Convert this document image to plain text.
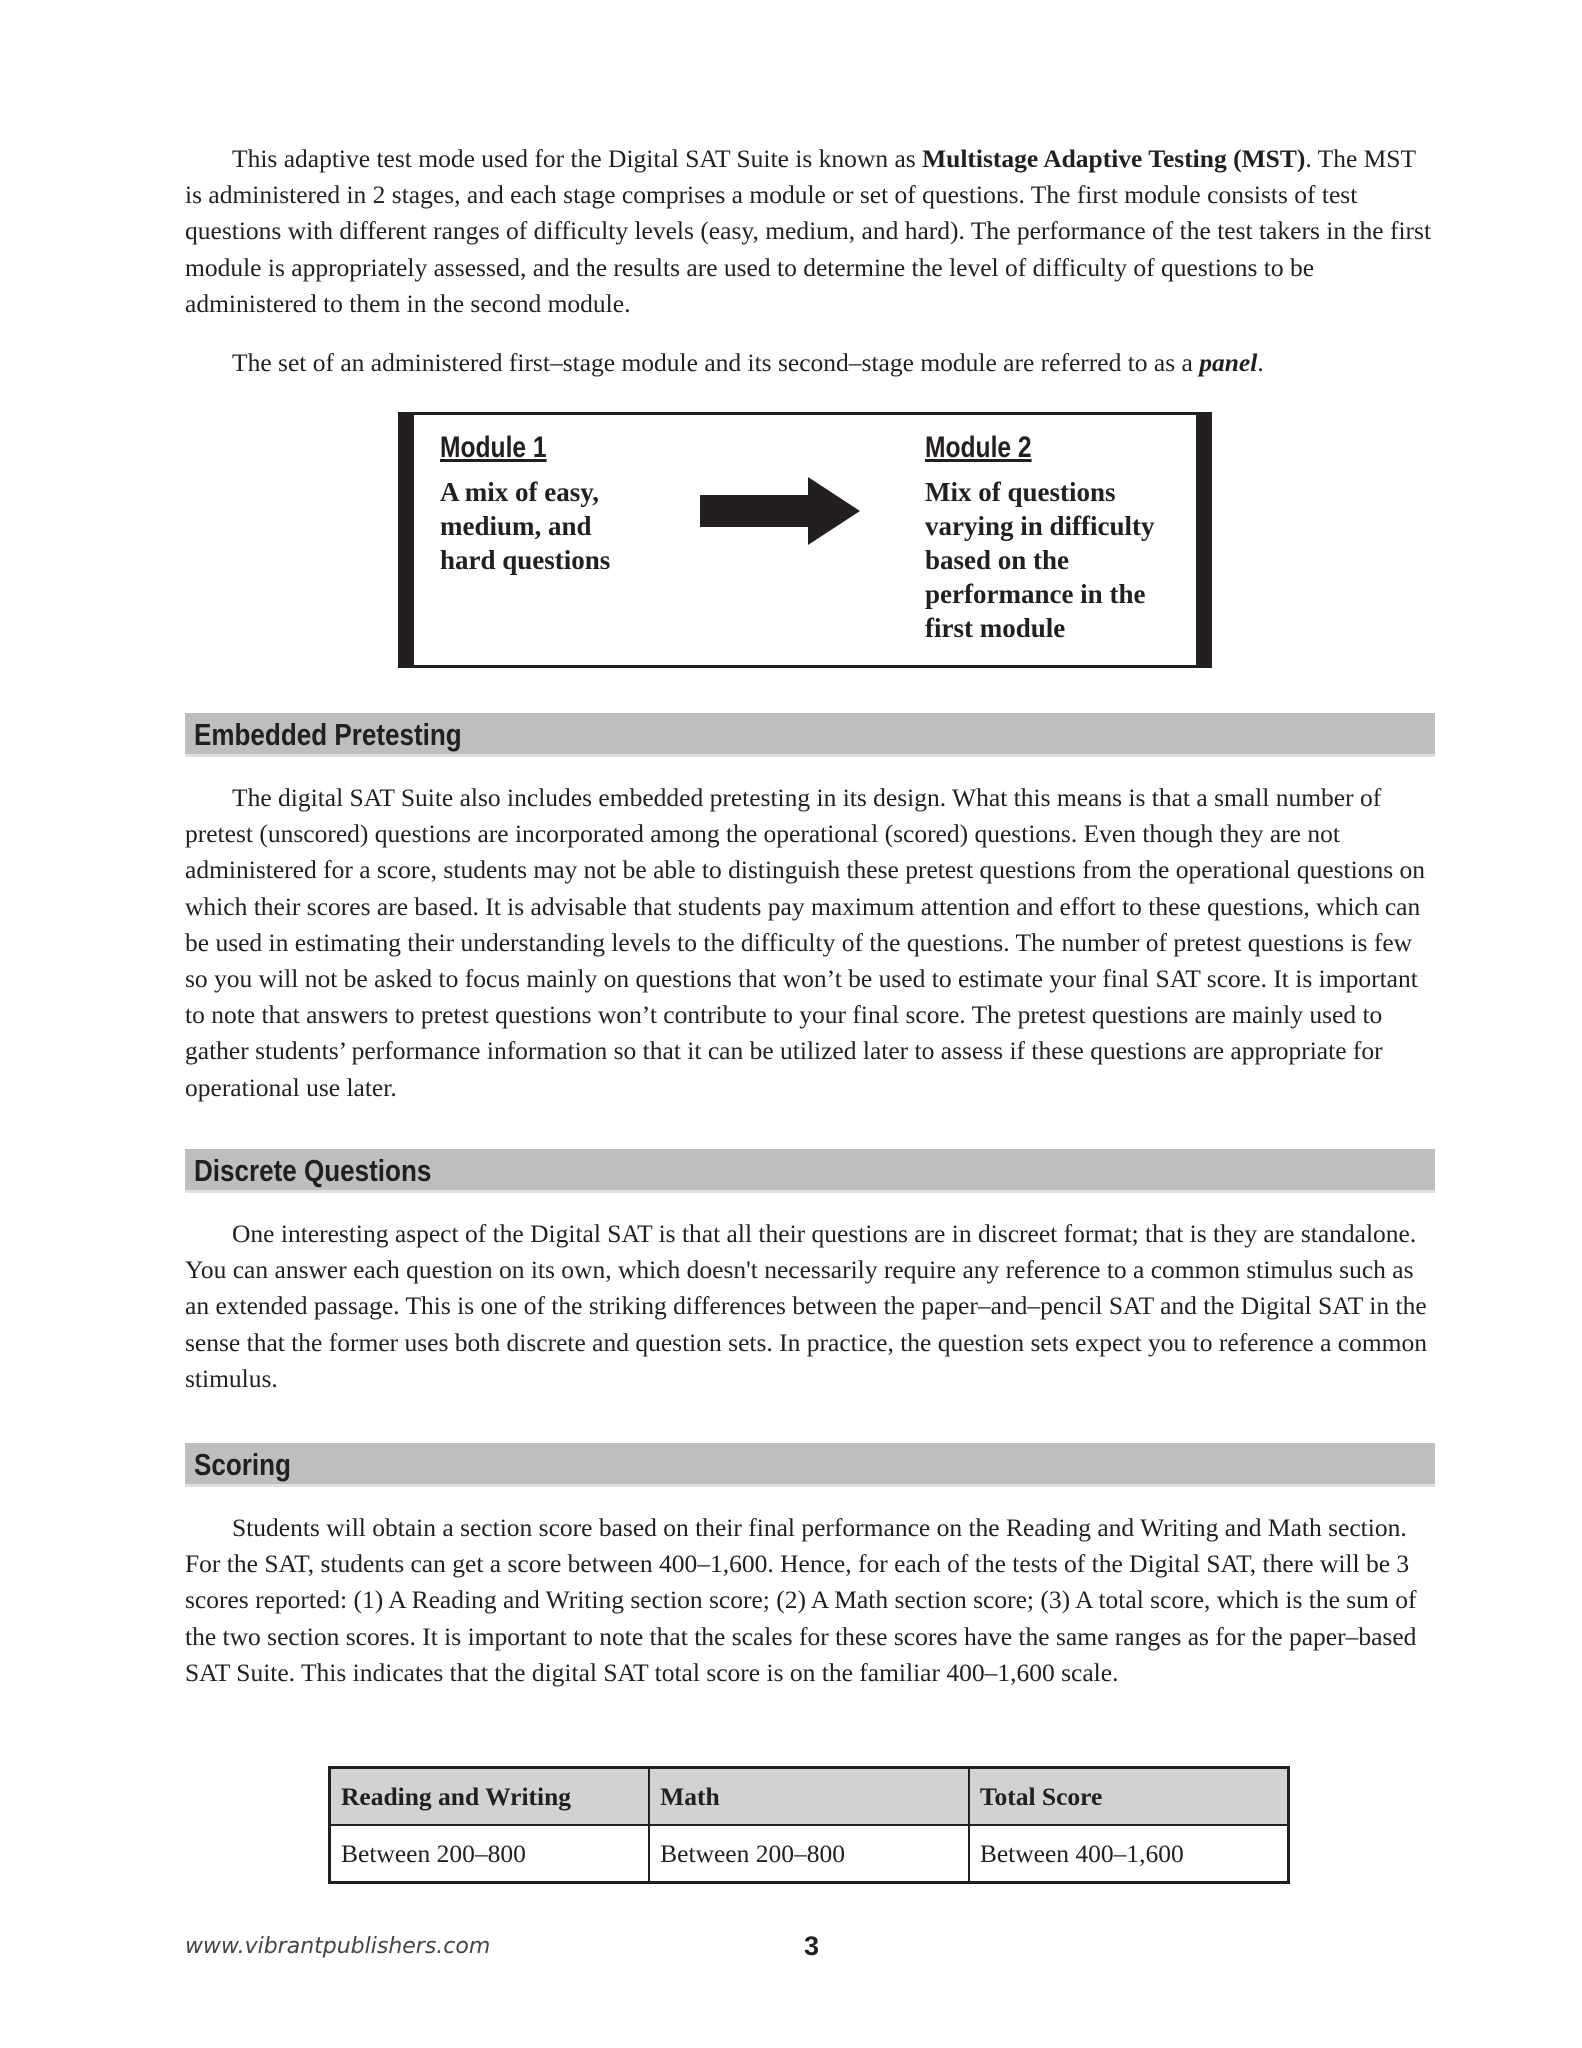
This adaptive test mode used for the Digital SAT Suite is known as Multistage Adaptive Testing (MST). The MST is administered in 2 stages, and each stage comprises a module or set of questions. The first module consists of test questions with different ranges of difficulty levels (easy, medium, and hard). The performance of the test takers in the first module is appropriately assessed, and the results are used to determine the level of difficulty of questions to be administered to them in the second module.

The set of an administered first–stage module and its second–stage module are referred to as a panel.

Module 1

A mix of easy,
medium, and
hard questions

Module 2

Mix of questions
varying in difficulty
based on the
performance in the
first module

Embedded Pretesting

The digital SAT Suite also includes embedded pretesting in its design. What this means is that a small number of pretest (unscored) questions are incorporated among the operational (scored) questions. Even though they are not administered for a score, students may not be able to distinguish these pretest questions from the operational questions on which their scores are based. It is advisable that students pay maximum attention and effort to these questions, which can be used in estimating their understanding levels to the difficulty of the questions. The number of pretest questions is few so you will not be asked to focus mainly on questions that won’t be used to estimate your final SAT score. It is important to note that answers to pretest questions won’t contribute to your final score. The pretest questions are mainly used to gather students’ performance information so that it can be utilized later to assess if these questions are appropriate for operational use later.

Discrete Questions

One interesting aspect of the Digital SAT is that all their questions are in discreet format; that is they are standalone. You can answer each question on its own, which doesn't necessarily require any reference to a common stimulus such as an extended passage. This is one of the striking differences between the paper–and–pencil SAT and the Digital SAT in the sense that the former uses both discrete and question sets. In practice, the question sets expect you to reference a common stimulus.

Scoring

Students will obtain a section score based on their final performance on the Reading and Writing and Math section. For the SAT, students can get a score between 400–1,600. Hence, for each of the tests of the Digital SAT, there will be 3 scores reported: (1) A Reading and Writing section score; (2) A Math section score; (3) A total score, which is the sum of the two section scores. It is important to note that the scales for these scores have the same ranges as for the paper–based SAT Suite. This indicates that the digital SAT total score is on the familiar 400–1,600 scale.

Reading and Writing	Math	Total Score
Between 200–800	Between 200–800	Between 400–1,600

www.vibrantpublishers.com	3
